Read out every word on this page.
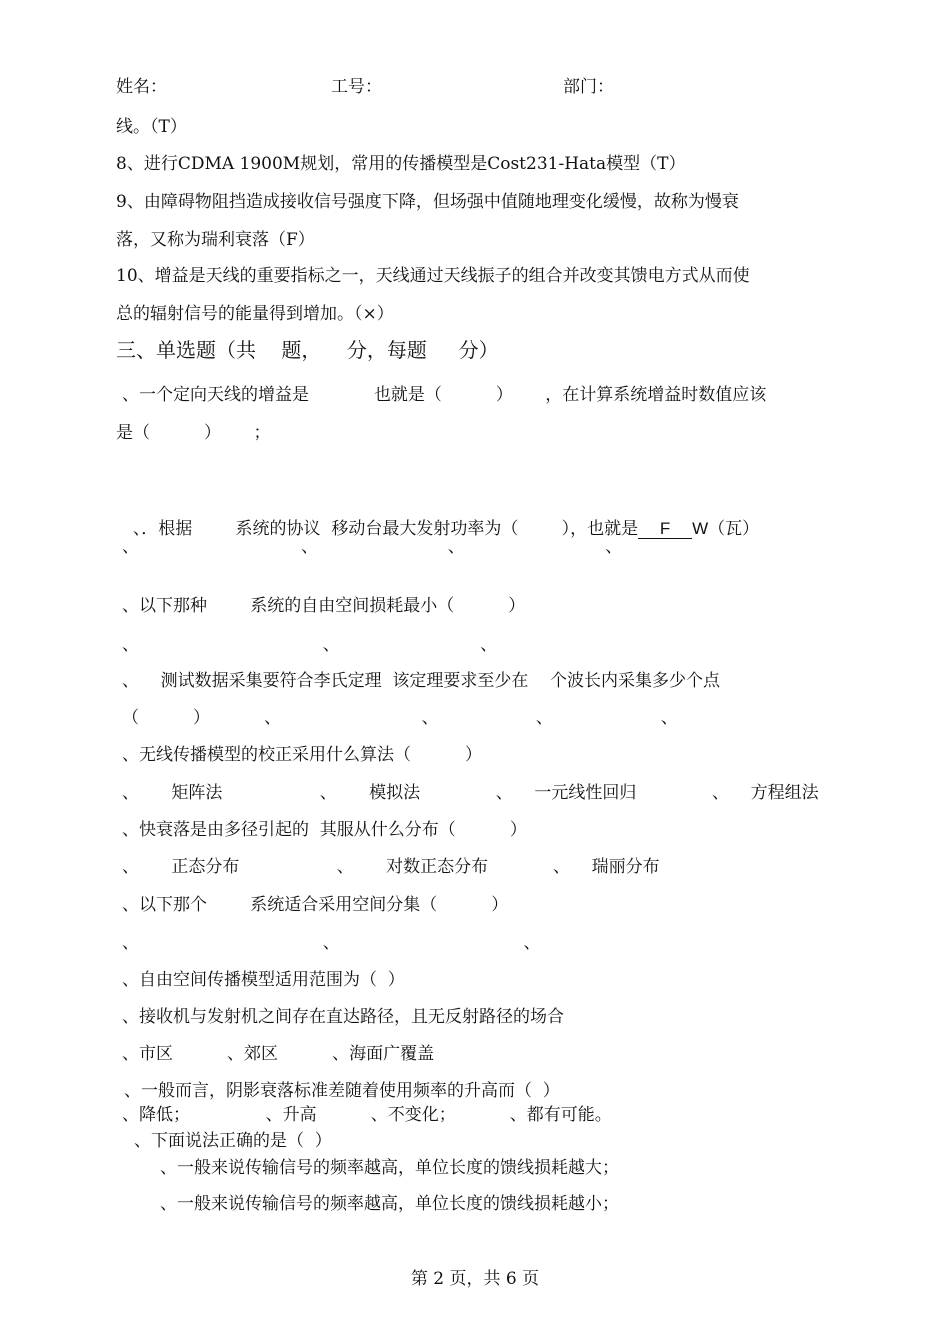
姓名：	工号：	部门：
线。（T）
8、进行CDMA 1900M规划，常用的传播模型是Cost231-Hata模型（T）
9、由障碍物阻挡造成接收信号强度下降，但场强中值随地理变化缓慢，故称为慢衰
落，又称为瑞利衰落（F）
10、增益是天线的重要指标之一，天线通过天线振子的组合并改变其馈电方式从而使
总的辐射信号的能量得到增加。（×）
三、单选题（共    题，    分，每题     分）
、一个定向天线的增益是            也就是（          ）      ，在计算系统增益时数值应该
是（          ）      ；

、．根据        系统的协议  移动台最大发射功率为（        ），也就是 F W（瓦）

、                              、                        、                          、
、以下那种        系统的自由空间损耗最小（          ）
、                                  、                          、
、    测试数据采集要符合李氏定理  该定理要求至少在    个波长内采集多少个点
（          ）          、                          、                  、                    、
、无线传播模型的校正采用什么算法（          ）
、      矩阵法                  、      模拟法              、    一元线性回归              、    方程组法
、快衰落是由多径引起的  其服从什么分布（          ）
、      正态分布                  、      对数正态分布            、    瑞丽分布
、以下那个        系统适合采用空间分集（          ）
、                                  、                                  、
、自由空间传播模型适用范围为（  ）
、接收机与发射机之间存在直达路径，且无反射路径的场合
、市区          、郊区          、海面广覆盖
、一般而言，阴影衰落标准差随着使用频率的升高而（  ）
、降低；              、升高          、不变化；          、都有可能。
、下面说法正确的是（  ）
、一般来说传输信号的频率越高，单位长度的馈线损耗越大；
、一般来说传输信号的频率越高，单位长度的馈线损耗越小；
第 2 页，共 6 页
